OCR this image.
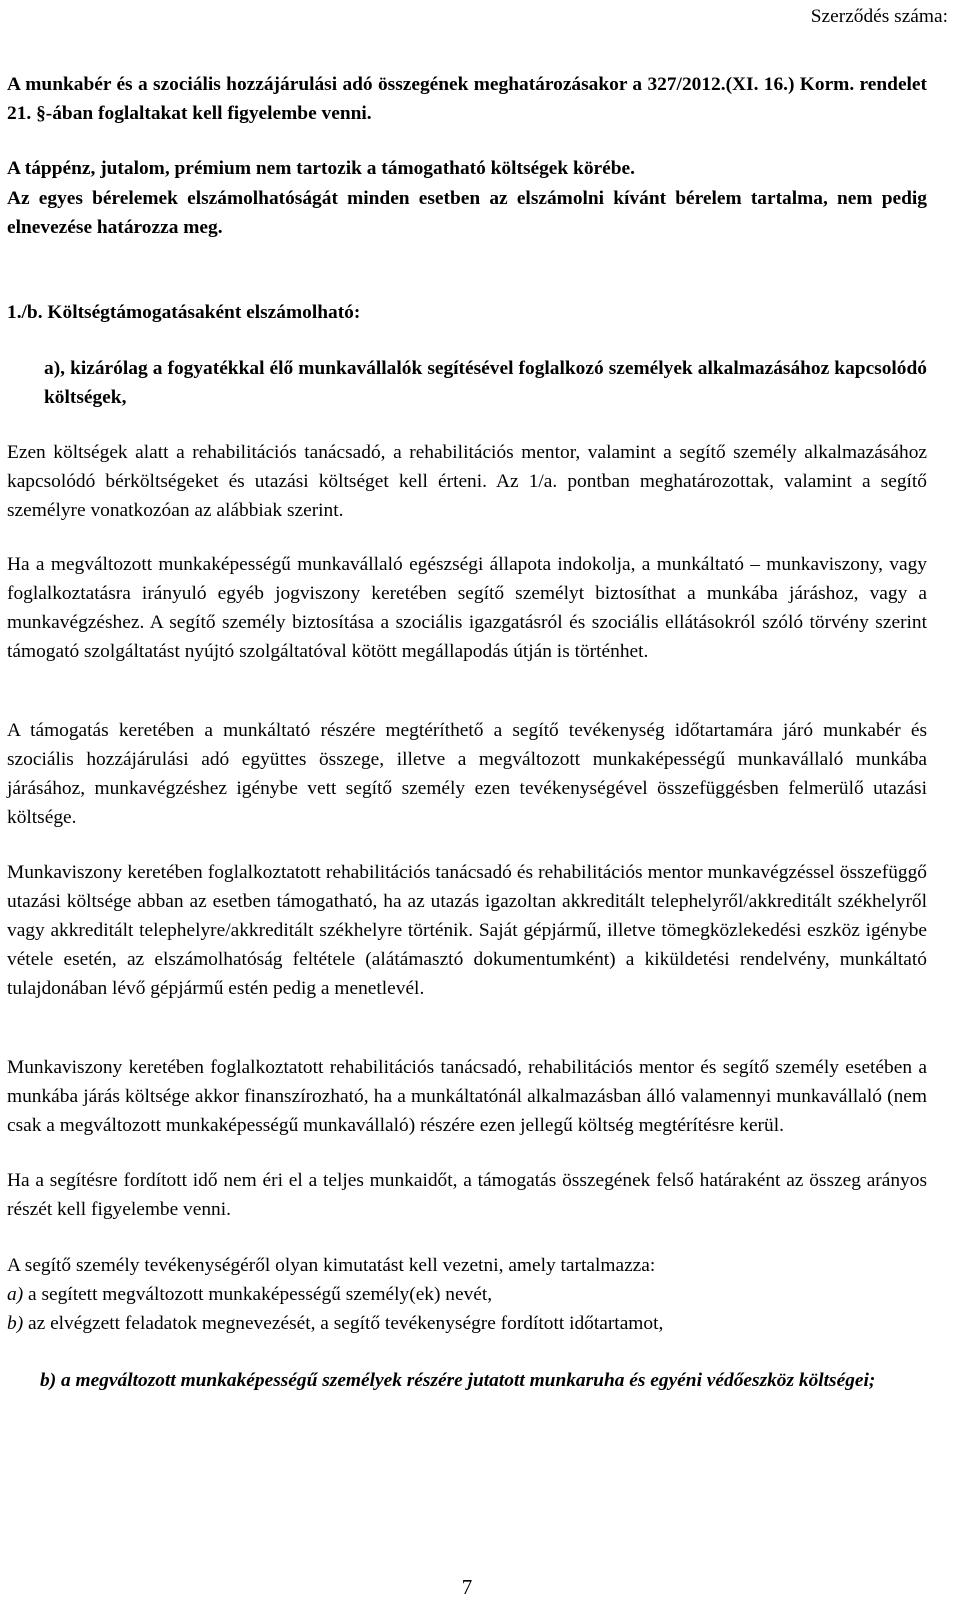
Szerződés száma:

A munkabér és a szociális hozzájárulási adó összegének meghatározásakor a 327/2012.(XI. 16.) Korm. rendelet 21. §-ában foglaltakat kell figyelembe venni.

A táppénz, jutalom, prémium nem tartozik a támogatható költségek körébe.

Az egyes bérelemek elszámolhatóságát minden esetben az elszámolni kívánt bérelem tartalma, nem pedig elnevezése határozza meg.

1./b. Költségtámogatásaként elszámolható:

a), kizárólag a fogyatékkal élő munkavállalók segítésével foglalkozó személyek alkalmazásához kapcsolódó költségek,

Ezen költségek alatt a rehabilitációs tanácsadó, a rehabilitációs mentor, valamint a segítő személy alkalmazásához kapcsolódó bérköltségeket és utazási költséget kell érteni. Az 1/a. pontban meghatározottak, valamint a segítő személyre vonatkozóan az alábbiak szerint.

Ha a megváltozott munkaképességű munkavállaló egészségi állapota indokolja, a munkáltató – munkaviszony, vagy foglalkoztatásra irányuló egyéb jogviszony keretében segítő személyt biztosíthat a munkába járáshoz, vagy a munkavégzéshez. A segítő személy biztosítása a szociális igazgatásról és szociális ellátásokról szóló törvény szerint támogató szolgáltatást nyújtó szolgáltatóval kötött megállapodás útján is történhet.

A támogatás keretében a munkáltató részére megtéríthető a segítő tevékenység időtartamára járó munkabér és szociális hozzájárulási adó együttes összege, illetve a megváltozott munkaképességű munkavállaló munkába járásához, munkavégzéshez igénybe vett segítő személy ezen tevékenységével összefüggésben felmerülő utazási költsége.

Munkaviszony keretében foglalkoztatott rehabilitációs tanácsadó és rehabilitációs mentor munkavégzéssel összefüggő utazási költsége abban az esetben támogatható, ha az utazás igazoltan akkreditált telephelyről/akkreditált székhelyről vagy akkreditált telephelyre/akkreditált székhelyre történik. Saját gépjármű, illetve tömegközlekedési eszköz igénybe vétele esetén, az elszámolhatóság feltétele (alátámasztó dokumentumként) a kiküldetési rendelvény, munkáltató tulajdonában lévő gépjármű estén pedig a menetlevél.

Munkaviszony keretében foglalkoztatott rehabilitációs tanácsadó, rehabilitációs mentor és segítő személy esetében a munkába járás költsége akkor finanszírozható, ha a munkáltatónál alkalmazásban álló valamennyi munkavállaló (nem csak a megváltozott munkaképességű munkavállaló) részére ezen jellegű költség megtérítésre kerül.

Ha a segítésre fordított idő nem éri el a teljes munkaidőt, a támogatás összegének felső határaként az összeg arányos részét kell figyelembe venni.

A segítő személy tevékenységéről olyan kimutatást kell vezetni, amely tartalmazza:
a) a segített megváltozott munkaképességű személy(ek) nevét,
b) az elvégzett feladatok megnevezését, a segítő tevékenységre fordított időtartamot,

b) a megváltozott munkaképességű személyek részére jutatott munkaruha és egyéni védőeszköz költségei;

7
